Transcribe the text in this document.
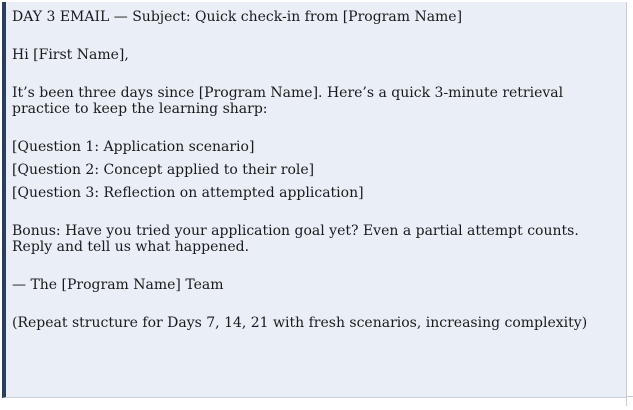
DAY 3 EMAIL — Subject: Quick check-in from [Program Name]

Hi [First Name],

It’s been three days since [Program Name]. Here’s a quick 3-minute retrieval practice to keep the learning sharp:

[Question 1: Application scenario]

[Question 2: Concept applied to their role]

[Question 3: Reflection on attempted application]

Bonus: Have you tried your application goal yet? Even a partial attempt counts. Reply and tell us what happened.

— The [Program Name] Team

(Repeat structure for Days 7, 14, 21 with fresh scenarios, increasing complexity)
